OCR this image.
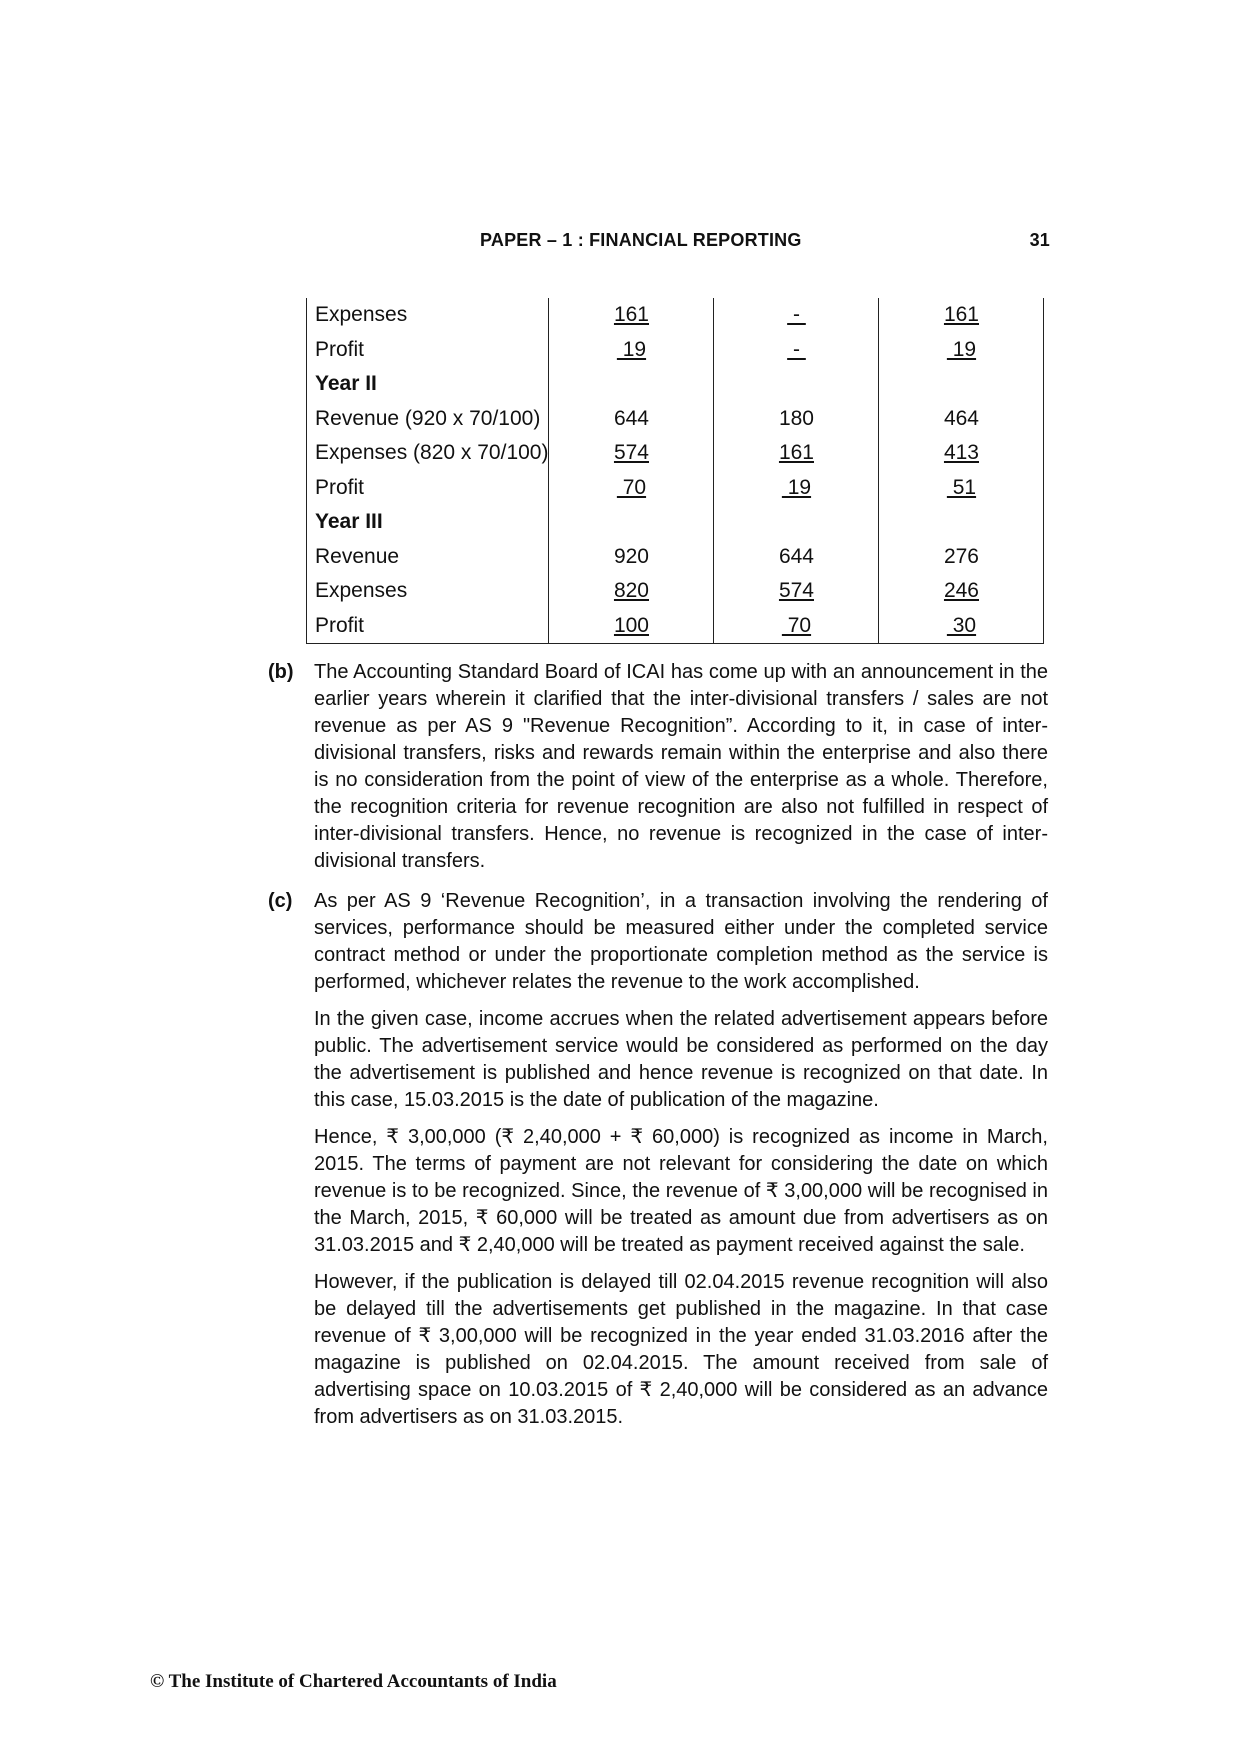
PAPER – 1 : FINANCIAL REPORTING	31
Expenses	161	-	161
Profit	19	-	19
Year II			
Revenue (920 x 70/100)	644	180	464
Expenses (820 x 70/100)	574	161	413
Profit	70	19	51
Year III			
Revenue	920	644	276
Expenses	820	574	246
Profit	100	70	30
(b) The Accounting Standard Board of ICAI has come up with an announcement in the earlier years wherein it clarified that the inter-divisional transfers / sales are not revenue as per AS 9 "Revenue Recognition”. According to it, in case of inter-divisional transfers, risks and rewards remain within the enterprise and also there is no consideration from the point of view of the enterprise as a whole. Therefore, the recognition criteria for revenue recognition are also not fulfilled in respect of inter-divisional transfers. Hence, no revenue is recognized in the case of inter-divisional transfers.

(c) As per AS 9 ‘Revenue Recognition’, in a transaction involving the rendering of services, performance should be measured either under the completed service contract method or under the proportionate completion method as the service is performed, whichever relates the revenue to the work accomplished.

In the given case, income accrues when the related advertisement appears before public. The advertisement service would be considered as performed on the day the advertisement is published and hence revenue is recognized on that date. In this case, 15.03.2015 is the date of publication of the magazine.

Hence, ₹ 3,00,000 (₹ 2,40,000 + ₹ 60,000) is recognized as income in March, 2015. The terms of payment are not relevant for considering the date on which revenue is to be recognized. Since, the revenue of ₹ 3,00,000 will be recognised in the March, 2015, ₹ 60,000 will be treated as amount due from advertisers as on 31.03.2015 and ₹ 2,40,000 will be treated as payment received against the sale.

However, if the publication is delayed till 02.04.2015 revenue recognition will also be delayed till the advertisements get published in the magazine. In that case revenue of ₹ 3,00,000 will be recognized in the year ended 31.03.2016 after the magazine is published on 02.04.2015. The amount received from sale of advertising space on 10.03.2015 of ₹ 2,40,000 will be considered as an advance from advertisers as on 31.03.2015.

© The Institute of Chartered Accountants of India
